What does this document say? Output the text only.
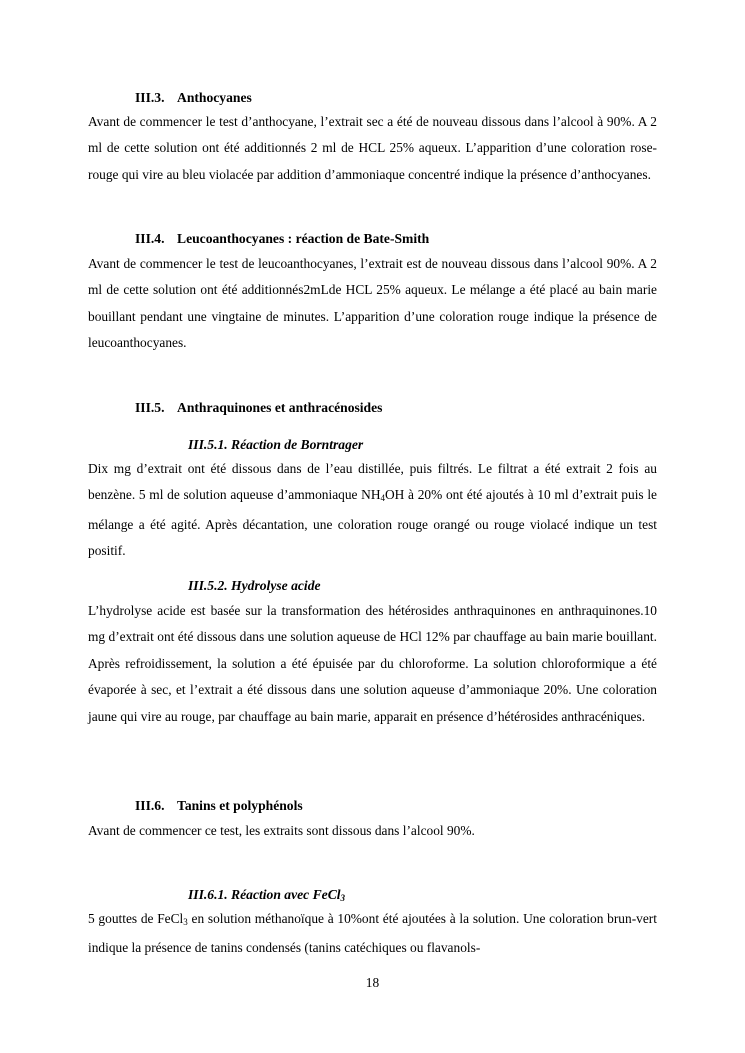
III.3. Anthocyanes
Avant de commencer le test d’anthocyane, l’extrait sec a été de nouveau dissous dans l’alcool à 90%. A 2 ml de cette solution ont été additionnés 2 ml de HCL 25% aqueux. L’apparition d’une coloration rose-rouge qui vire au bleu violacée par addition d’ammoniaque concentré indique la présence d’anthocyanes.
III.4. Leucoanthocyanes : réaction de Bate-Smith
Avant de commencer le test de leucoanthocyanes, l’extrait est de nouveau dissous dans l’alcool 90%. A 2 ml de cette solution ont été additionnés2mLde HCL 25% aqueux. Le mélange a été placé au bain marie bouillant pendant une vingtaine de minutes. L’apparition d’une coloration rouge indique la présence de leucoanthocyanes.
III.5. Anthraquinones et anthracénosides
III.5.1. Réaction de Borntrager
Dix mg d’extrait ont été dissous dans de l’eau distillée, puis filtrés. Le filtrat a été extrait 2 fois au benzène. 5 ml de solution aqueuse d’ammoniaque $NH_4OH$ à 20% ont été ajoutés à 10 ml d’extrait puis le mélange a été agité. Après décantation, une coloration rouge orangé ou rouge violacé indique un test positif.
III.5.2. Hydrolyse acide
L’hydrolyse acide est basée sur la transformation des hétérosides anthraquinones en anthraquinones.10 mg d’extrait ont été dissous dans une solution aqueuse de HCl 12% par chauffage au bain marie bouillant. Après refroidissement, la solution a été épuisée par du chloroforme. La solution chloroformique a été évaporée à sec, et l’extrait a été dissous dans une solution aqueuse d’ammoniaque 20%. Une coloration jaune qui vire au rouge, par chauffage au bain marie, apparait en présence d’hétérosides anthracéniques.
III.6. Tanins et polyphénols
Avant de commencer ce test, les extraits sont dissous dans l’alcool 90%.
III.6.1. Réaction avec FeCl3
5 gouttes de FeCl$_3$ en solution méthanoïque à 10%ont été ajoutées à la solution. Une coloration brun-vert indique la présence de tanins condensés (tanins catéchiques ou flavanols-
18
